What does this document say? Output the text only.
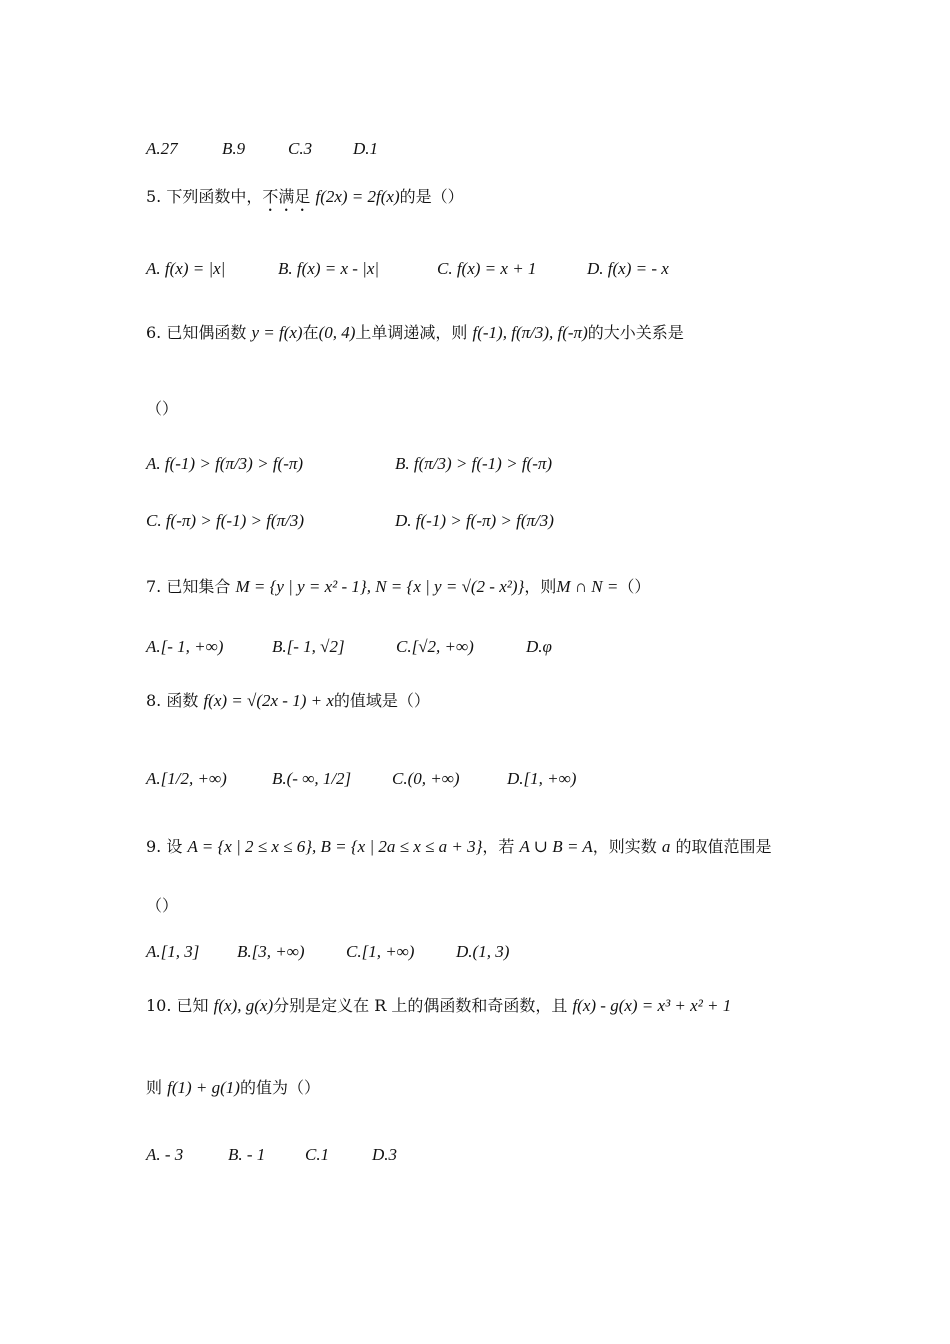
A.27	B.9	C.3 D.1
5. 下列函数中，不满足 f(2x) = 2f(x)的是（）
A. f(x) = |x|	B. f(x) = x - |x|	C. f(x) = x + 1	D. f(x) = - x
6. 已知偶函数 y = f(x)在(0, 4)上单调递减，则 f(-1), f(π/3), f(-π)的大小关系是
（）
A. f(-1) > f(π/3) > f(-π)	B. f(π/3) > f(-1) > f(-π)
C. f(-π) > f(-1) > f(π/3)	D. f(-1) > f(-π) > f(π/3)
7. 已知集合 M = {y | y = x² - 1}, N = {x | y = √(2 - x²)}，则M ∩ N =（）
A.[- 1, +∞)	B.[- 1, √2]	C.[√2, +∞)	D.φ
8. 函数 f(x) = √(2x - 1) + x的值域是（）
A.[1/2, +∞)	B.(- ∞, 1/2] C.(0, +∞)	D.[1, +∞)
9. 设 A = {x | 2 ≤ x ≤ 6}, B = {x | 2a ≤ x ≤ a + 3}，若 A ∪ B = A，则实数 a 的取值范围是
（）
A.[1, 3] B.[3, +∞) C.[1, +∞) D.(1, 3)
10. 已知 f(x), g(x)分别是定义在 R 上的偶函数和奇函数，且 f(x) - g(x) = x³ + x² + 1
则 f(1) + g(1)的值为（）
A. - 3	B. - 1 C.1	D.3
